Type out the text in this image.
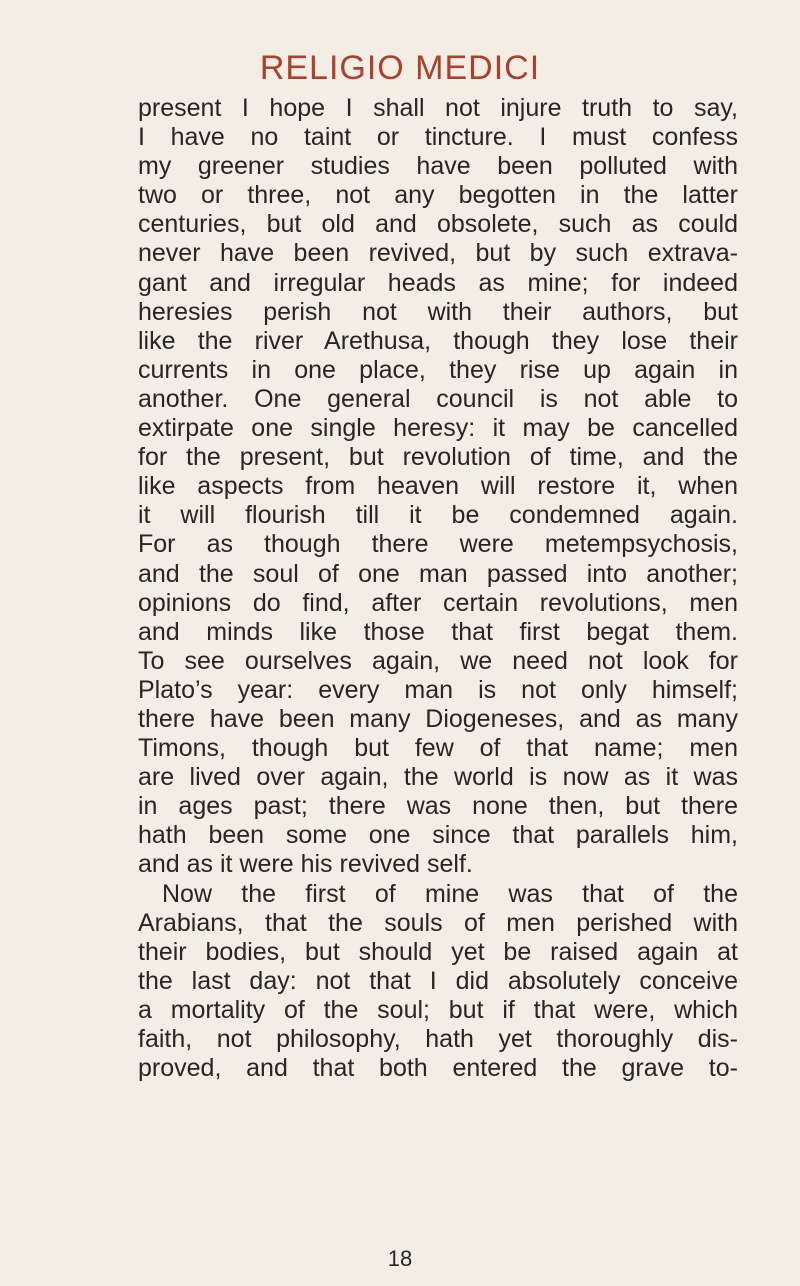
RELIGIO MEDICI
present I hope I shall not injure truth to say,
I have no taint or tincture. I must confess
my greener studies have been polluted with
two or three, not any begotten in the latter
centuries, but old and obsolete, such as could
never have been revived, but by such extrava-
gant and irregular heads as mine; for indeed
heresies perish not with their authors, but
like the river Arethusa, though they lose their
currents in one place, they rise up again in
another. One general council is not able to
extirpate one single heresy: it may be cancelled
for the present, but revolution of time, and the
like aspects from heaven will restore it, when
it will flourish till it be condemned again.
For as though there were metempsychosis,
and the soul of one man passed into another;
opinions do find, after certain revolutions, men
and minds like those that first begat them.
To see ourselves again, we need not look for
Plato’s year: every man is not only himself;
there have been many Diogeneses, and as many
Timons, though but few of that name; men
are lived over again, the world is now as it was
in ages past; there was none then, but there
hath been some one since that parallels him,
and as it were his revived self.
Now the first of mine was that of the
Arabians, that the souls of men perished with
their bodies, but should yet be raised again at
the last day: not that I did absolutely conceive
a mortality of the soul; but if that were, which
faith, not philosophy, hath yet thoroughly dis-
proved, and that both entered the grave to-
18
